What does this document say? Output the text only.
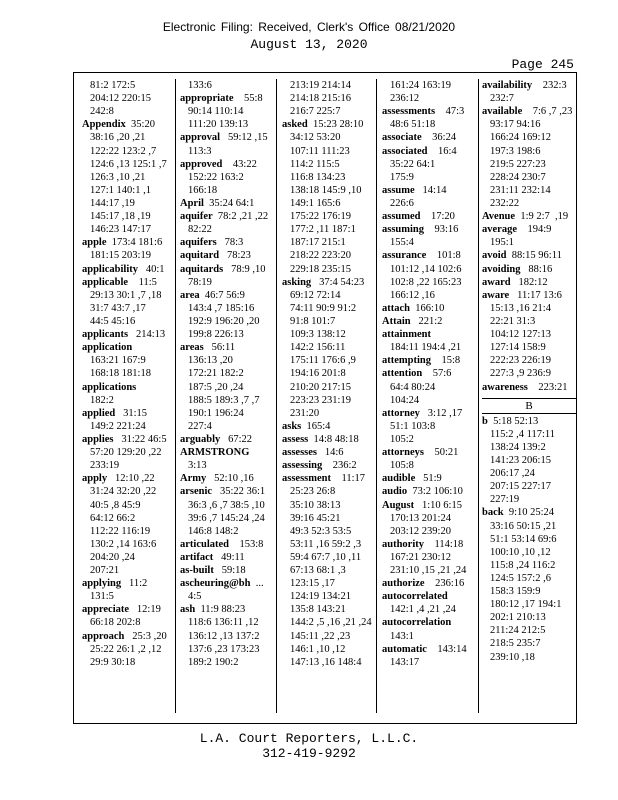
Electronic Filing: Received, Clerk's Office 08/21/2020
August 13, 2020
Page 245
81:2 172:5
204:12 220:15
242:8
Appendix  35:20
38:16 ,20 ,21
122:22 123:2 ,7
124:6 ,13 125:1 ,7
126:3 ,10 ,21
127:1 140:1 ,1
144:17 ,19
145:17 ,18 ,19
146:23 147:17
apple  173:4 181:6
181:15 203:19
applicability   40:1
applicable    11:5
29:13 30:1 ,7 ,18
31:7 43:7 ,17
44:5 45:16
applicants   214:13
application
163:21 167:9
168:18 181:18
applications
182:2
applied   31:15
149:2 221:24
applies   31:22 46:5
57:20 129:20 ,22
233:19
apply   12:10 ,22
31:24 32:20 ,22
40:5 ,8 45:9
64:12 66:2
112:22 116:19
130:2 ,14 163:6
204:20 ,24
207:21
applying   11:2
131:5
appreciate   12:19
66:18 202:8
approach   25:3 ,20
25:22 26:1 ,2 ,12
29:9 30:18
133:6
appropriate    55:8
90:14 110:14
111:20 139:13
approval   59:12 ,15
113:3
approved    43:22
152:22 163:2
166:18
April  35:24 64:1
aquifer  78:2 ,21 ,22
82:22
aquifers   78:3
aquitard   78:23
aquitards   78:9 ,10
78:19
area  46:7 56:9
143:4 ,7 185:16
192:9 196:20 ,20
199:8 226:13
areas   56:11
136:13 ,20
172:21 182:2
187:5 ,20 ,24
188:5 189:3 ,7 ,7
190:1 196:24
227:4
arguably   67:22
ARMSTRONG
3:13
Army   52:10 ,16
arsenic   35:22 36:1
36:3 ,6 ,7 38:5 ,10
39:6 ,7 145:24 ,24
146:8 148:2
articulated    153:8
artifact   49:11
as-built   59:18
ascheuring@bh  ...
4:5
ash  11:9 88:23
118:6 136:11 ,12
136:12 ,13 137:2
137:6 ,23 173:23
189:2 190:2
213:19 214:14
214:18 215:16
216:7 225:7
asked  15:23 28:10
34:12 53:20
107:11 111:23
114:2 115:5
116:8 134:23
138:18 145:9 ,10
149:1 165:6
175:22 176:19
177:2 ,11 187:1
187:17 215:1
218:22 223:20
229:18 235:15
asking   37:4 54:23
69:12 72:14
74:11 90:9 91:2
91:8 101:7
109:3 138:12
142:2 156:11
175:11 176:6 ,9
194:16 201:8
210:20 217:15
223:23 231:19
231:20
asks  165:4
assess  14:8 48:18
assesses   14:6
assessing    236:2
assessment    11:17
25:23 26:8
35:10 38:13
39:16 45:21
49:3 52:3 53:5
53:11 ,16 59:2 ,3
59:4 67:7 ,10 ,11
67:13 68:1 ,3
123:15 ,17
124:19 134:21
135:8 143:21
144:2 ,5 ,16 ,21 ,24
145:11 ,22 ,23
146:1 ,10 ,12
147:13 ,16 148:4
161:24 163:19
236:12
assessments    47:3
48:6 51:18
associate    36:24
associated    16:4
35:22 64:1
175:9
assume   14:14
226:6
assumed    17:20
assuming    93:16
155:4
assurance    101:8
101:12 ,14 102:6
102:8 ,22 165:23
166:12 ,16
attach  166:10
Attain   221:2
attainment
184:11 194:4 ,21
attempting    15:8
attention    57:6
64:4 80:24
104:24
attorney   3:12 ,17
51:1 103:8
105:2
attorneys    50:21
105:8
audible   51:9
audio  73:2 106:10
August   1:10 6:15
170:13 201:24
203:12 239:20
authority    114:18
167:21 230:12
231:10 ,15 ,21 ,24
authorize    236:16
autocorrelated
142:1 ,4 ,21 ,24
autocorrelation
143:1
automatic    143:14
143:17
availability    232:3
232:7
available    7:6 ,7 ,23
93:17 94:16
166:24 169:12
197:3 198:6
219:5 227:23
228:24 230:7
231:11 232:14
232:22
Avenue  1:9 2:7  ,19
average    194:9
195:1
avoid  88:15 96:11
avoiding   88:16
award   182:12
aware   11:17 13:6
15:13 ,16 21:4
22:21 31:3
104:12 127:13
127:14 158:9
222:23 226:19
227:3 ,9 236:9
awareness    223:21
B
b  5:18 52:13
115:2 ,4 117:11
138:24 139:2
141:23 206:15
206:17 ,24
207:15 227:17
227:19
back  9:10 25:24
33:16 50:15 ,21
51:1 53:14 69:6
100:10 ,10 ,12
115:8 ,24 116:2
124:5 157:2 ,6
158:3 159:9
180:12 ,17 194:1
202:1 210:13
211:24 212:5
218:5 235:7
239:10 ,18
L.A. Court Reporters, L.L.C.
312-419-9292
